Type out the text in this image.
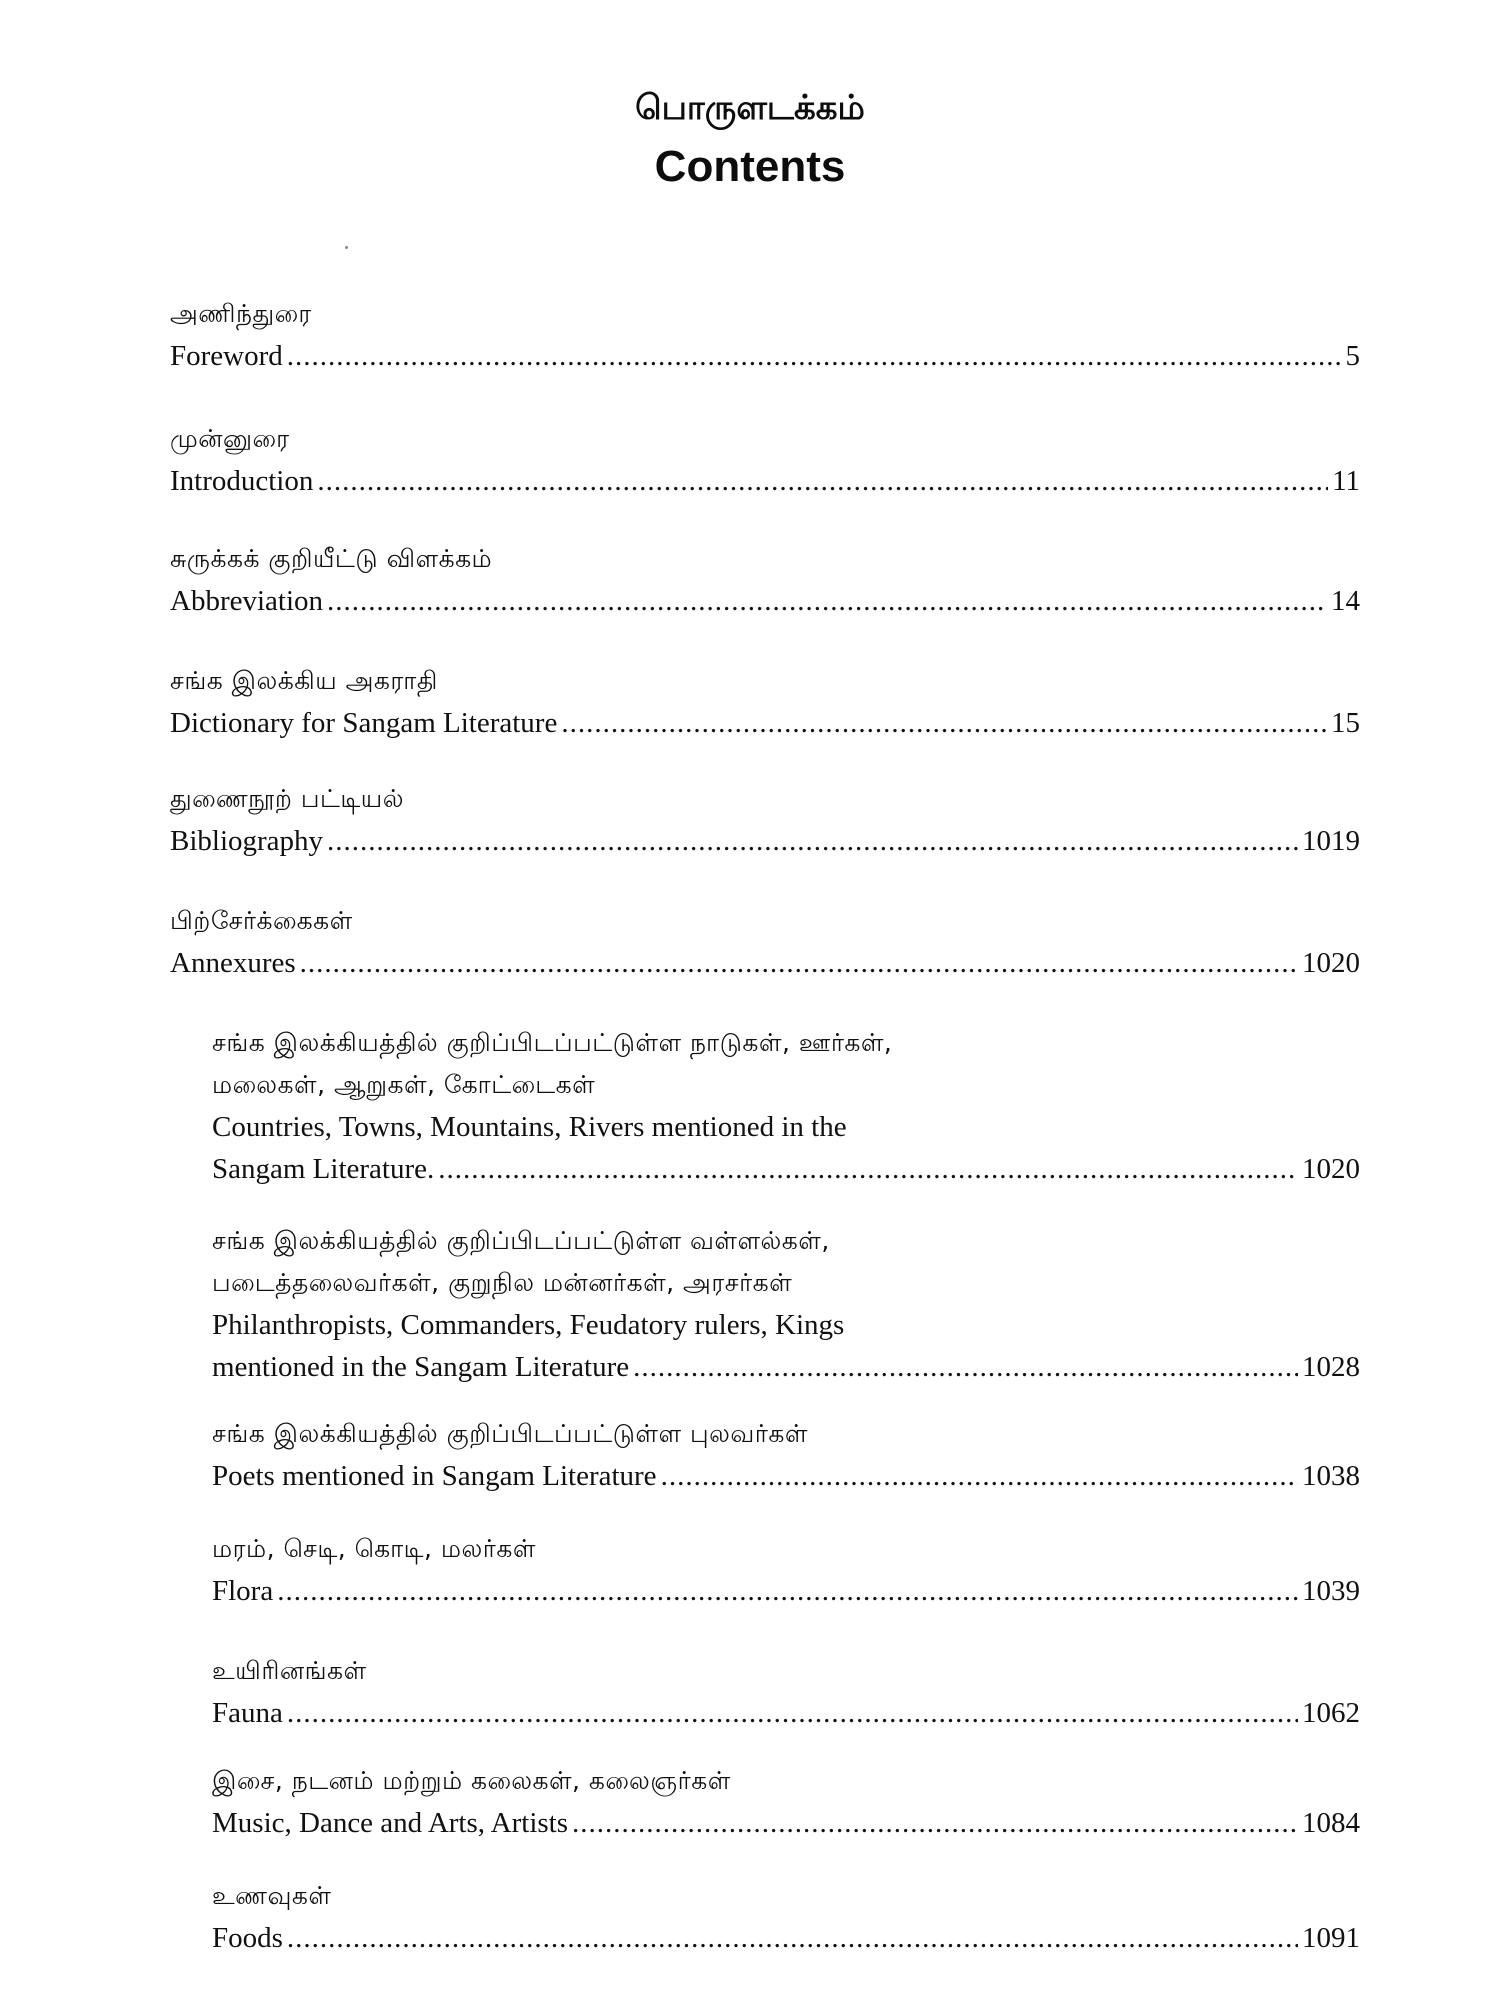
பொருளடக்கம்
Contents
அணிந்துரை
Foreword .....	5
முன்னுரை
Introduction .....	11
சுருக்கக் குறியீட்டு விளக்கம்
Abbreviation .....	14
சங்க இலக்கிய அகராதி
Dictionary for Sangam Literature .....	15
துணைநூற் பட்டியல்
Bibliography .....	1019
பிற்சேர்க்கைகள்
Annexures .....	1020
சங்க இலக்கியத்தில் குறிப்பிடப்பட்டுள்ள நாடுகள், ஊர்கள்,
மலைகள், ஆறுகள், கோட்டைகள்
Countries, Towns, Mountains, Rivers mentioned in the
Sangam Literature. .....	1020
சங்க இலக்கியத்தில் குறிப்பிடப்பட்டுள்ள வள்ளல்கள்,
படைத்தலைவர்கள், குறுநில மன்னர்கள், அரசர்கள்
Philanthropists, Commanders, Feudatory rulers, Kings
mentioned in the Sangam Literature .....	1028
சங்க இலக்கியத்தில் குறிப்பிடப்பட்டுள்ள புலவர்கள்
Poets mentioned in Sangam Literature .....	1038
மரம், செடி, கொடி, மலர்கள்
Flora .....	1039
உயிரினங்கள்
Fauna .....	1062
இசை, நடனம் மற்றும் கலைகள், கலைஞர்கள்
Music, Dance and Arts, Artists .....	1084
உணவுகள்
Foods .....	1091
